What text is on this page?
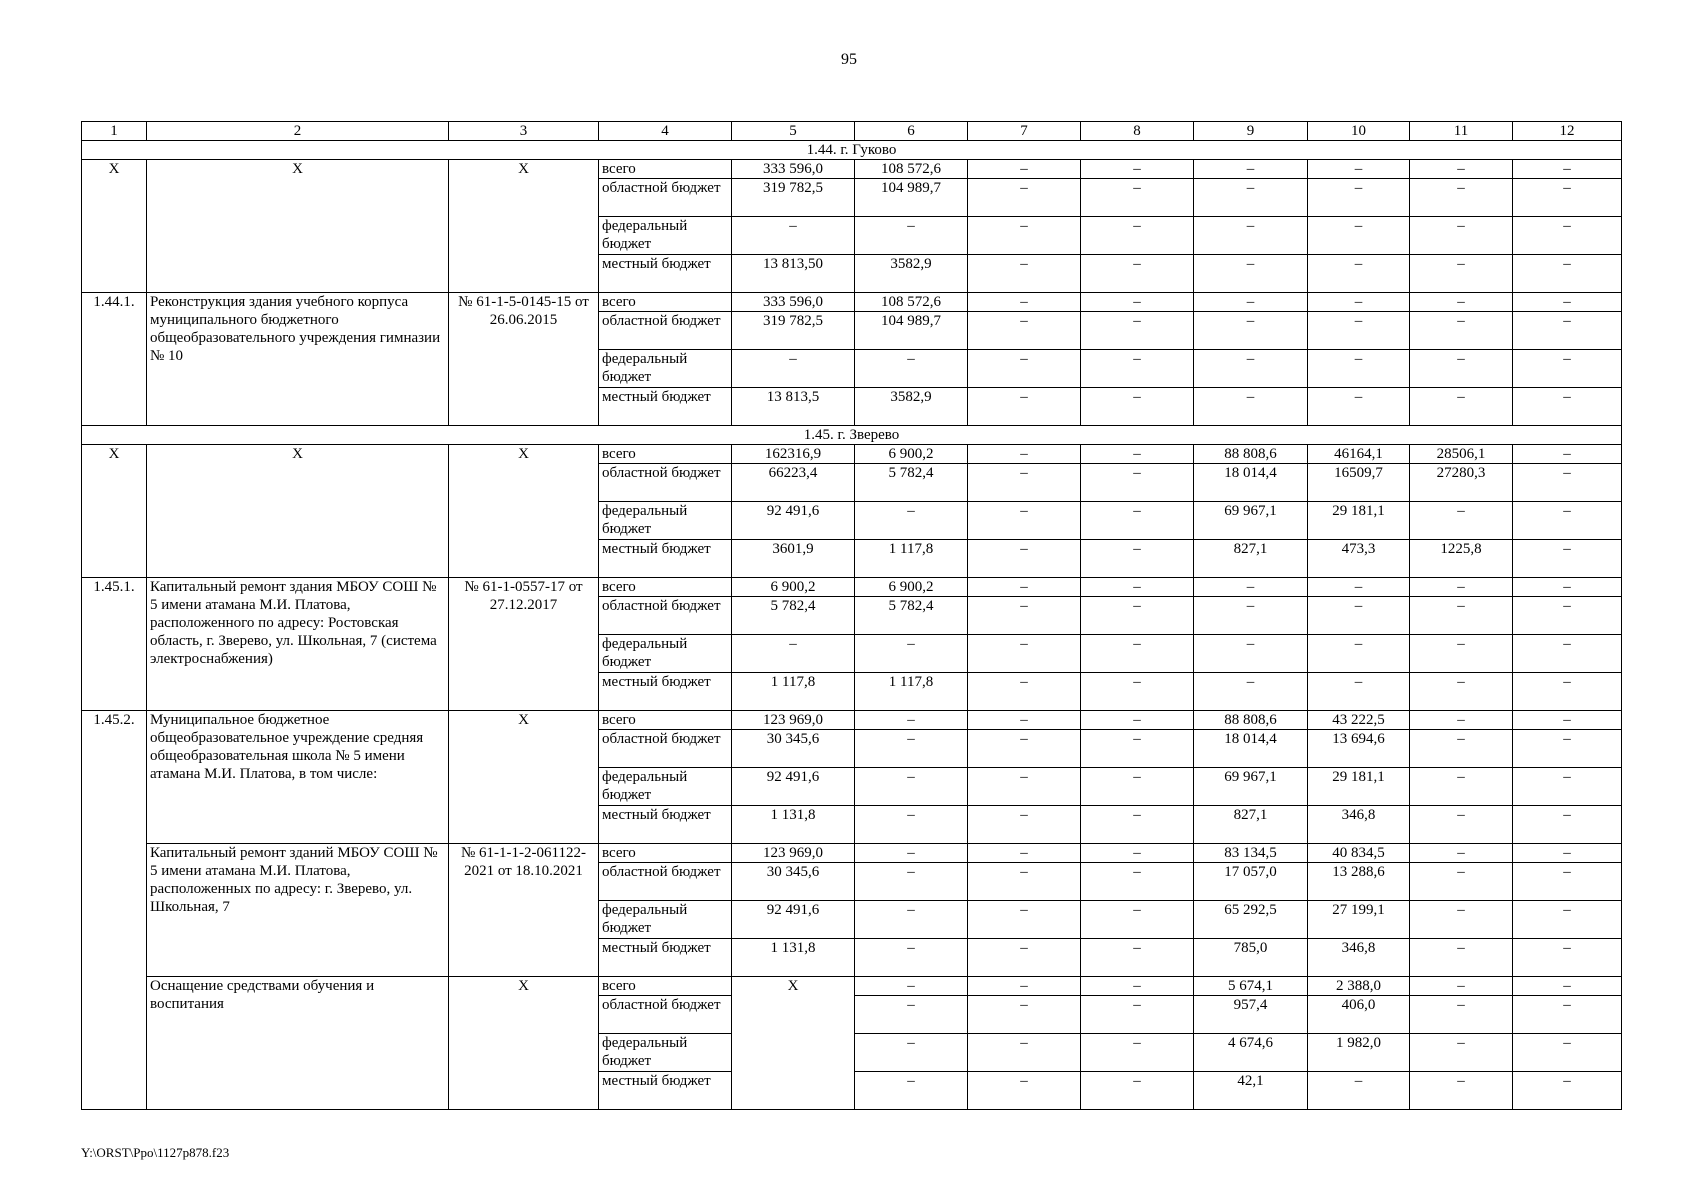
95
1	2	3	4	5	6	7	8	9	10	11	12
1.44. г. Гуково											
Х	Х	Х	всего	333 596,0	108 572,6	–	–	–	–	–	–
			областной бюджет	319 782,5	104 989,7	–	–	–	–	–	–
			федеральный бюджет	–	–	–	–	–	–	–	–
			местный бюджет	13 813,50	3582,9	–	–	–	–	–	–
1.44.1.	Реконструкция здания учебного корпуса муниципального бюджетного общеобразовательного учреждения гимназии № 10	№ 61-1-5-0145-15 от 26.06.2015	всего	333 596,0	108 572,6	–	–	–	–	–	–
			областной бюджет	319 782,5	104 989,7	–	–	–	–	–	–
			федеральный бюджет	–	–	–	–	–	–	–	–
			местный бюджет	13 813,5	3582,9	–	–	–	–	–	–
1.45. г. Зверево											
Х	Х	Х	всего	162316,9	6 900,2	–	–	88 808,6	46164,1	28506,1	–
			областной бюджет	66223,4	5 782,4	–	–	18 014,4	16509,7	27280,3	–
			федеральный бюджет	92 491,6	–	–	–	69 967,1	29 181,1	–	–
			местный бюджет	3601,9	1 117,8	–	–	827,1	473,3	1225,8	–
1.45.1.	Капитальный ремонт здания МБОУ СОШ № 5 имени атамана М.И. Платова, расположенного по адресу: Ростовская область, г. Зверево, ул. Школьная, 7 (система электроснабжения)	№ 61-1-0557-17 от 27.12.2017	всего	6 900,2	6 900,2	–	–	–	–	–	–
			областной бюджет	5 782,4	5 782,4	–	–	–	–	–	–
			федеральный бюджет	–	–	–	–	–	–	–	–
			местный бюджет	1 117,8	1 117,8	–	–	–	–	–	–
1.45.2.	Муниципальное бюджетное общеобразовательное учреждение средняя общеобразовательная школа № 5 имени атамана М.И. Платова, в том числе:	Х	всего	123 969,0	–	–	–	88 808,6	43 222,5	–	–
			областной бюджет	30 345,6	–	–	–	18 014,4	13 694,6	–	–
			федеральный бюджет	92 491,6	–	–	–	69 967,1	29 181,1	–	–
			местный бюджет	1 131,8	–	–	–	827,1	346,8	–	–
	Капитальный ремонт зданий МБОУ СОШ № 5 имени атамана М.И. Платова, расположенных по адресу: г. Зверево, ул. Школьная, 7	№ 61-1-1-2-061122-2021 от 18.10.2021	всего	123 969,0	–	–	–	83 134,5	40 834,5	–	–
			областной бюджет	30 345,6	–	–	–	17 057,0	13 288,6	–	–
			федеральный бюджет	92 491,6	–	–	–	65 292,5	27 199,1	–	–
			местный бюджет	1 131,8	–	–	–	785,0	346,8	–	–
	Оснащение средствами обучения и воспитания	Х	всего	Х	–	–	–	5 674,1	2 388,0	–	–
			областной бюджет		–	–	–	957,4	406,0	–	–
			федеральный бюджет		–	–	–	4 674,6	1 982,0	–	–
			местный бюджет		–	–	–	42,1	–	–	–
Y:\ORST\Ppo\1127p878.f23
